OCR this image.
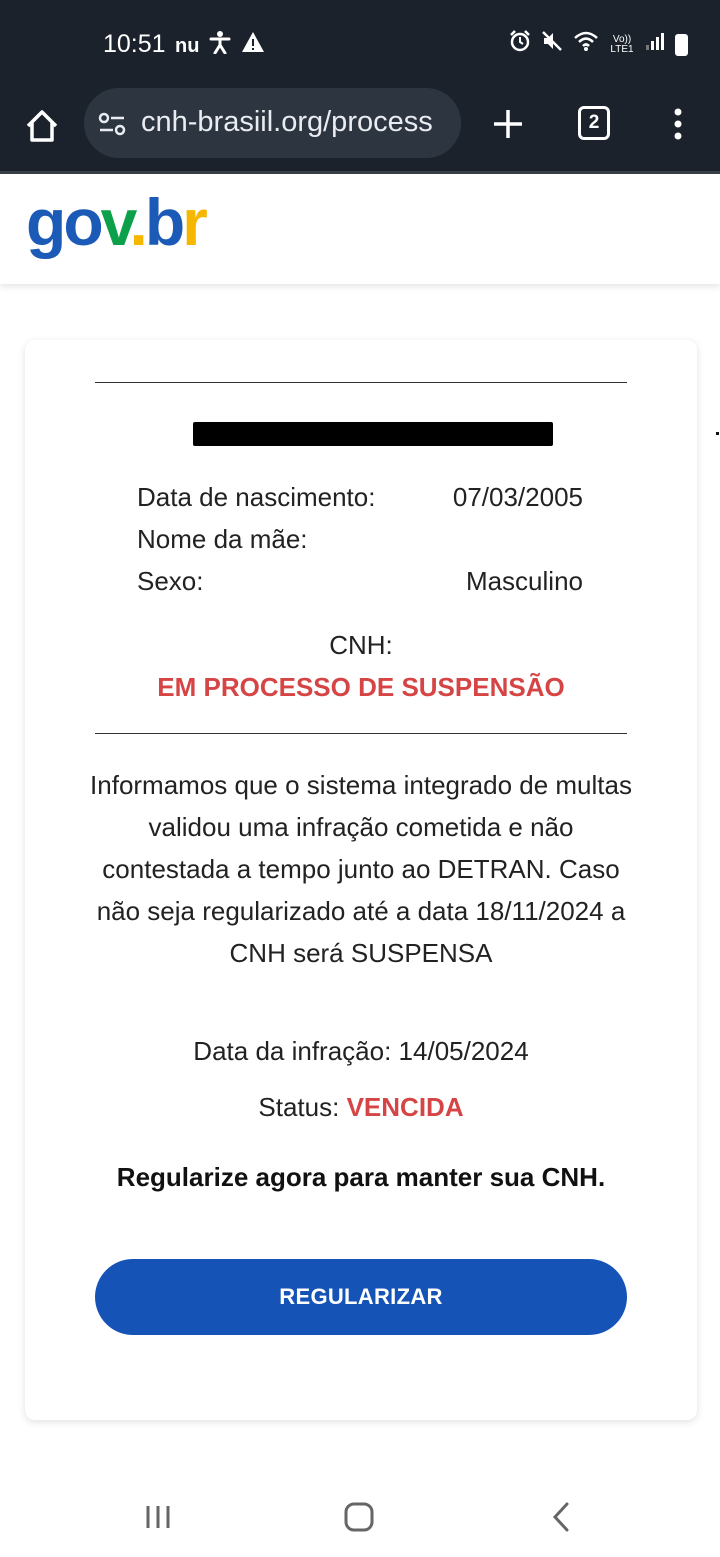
10:51 nu	Vo)) LTE1
cnh-brasiil.org/process	2
gov.br
Data de nascimento:	07/03/2005
Nome da mãe:
Sexo:	Masculino
CNH:
EM PROCESSO DE SUSPENSÃO
Informamos que o sistema integrado de multas validou uma infração cometida e não contestada a tempo junto ao DETRAN. Caso não seja regularizado até a data 18/11/2024 a CNH será SUSPENSA
Data da infração: 14/05/2024
Status: VENCIDA
Regularize agora para manter sua CNH.
REGULARIZAR
